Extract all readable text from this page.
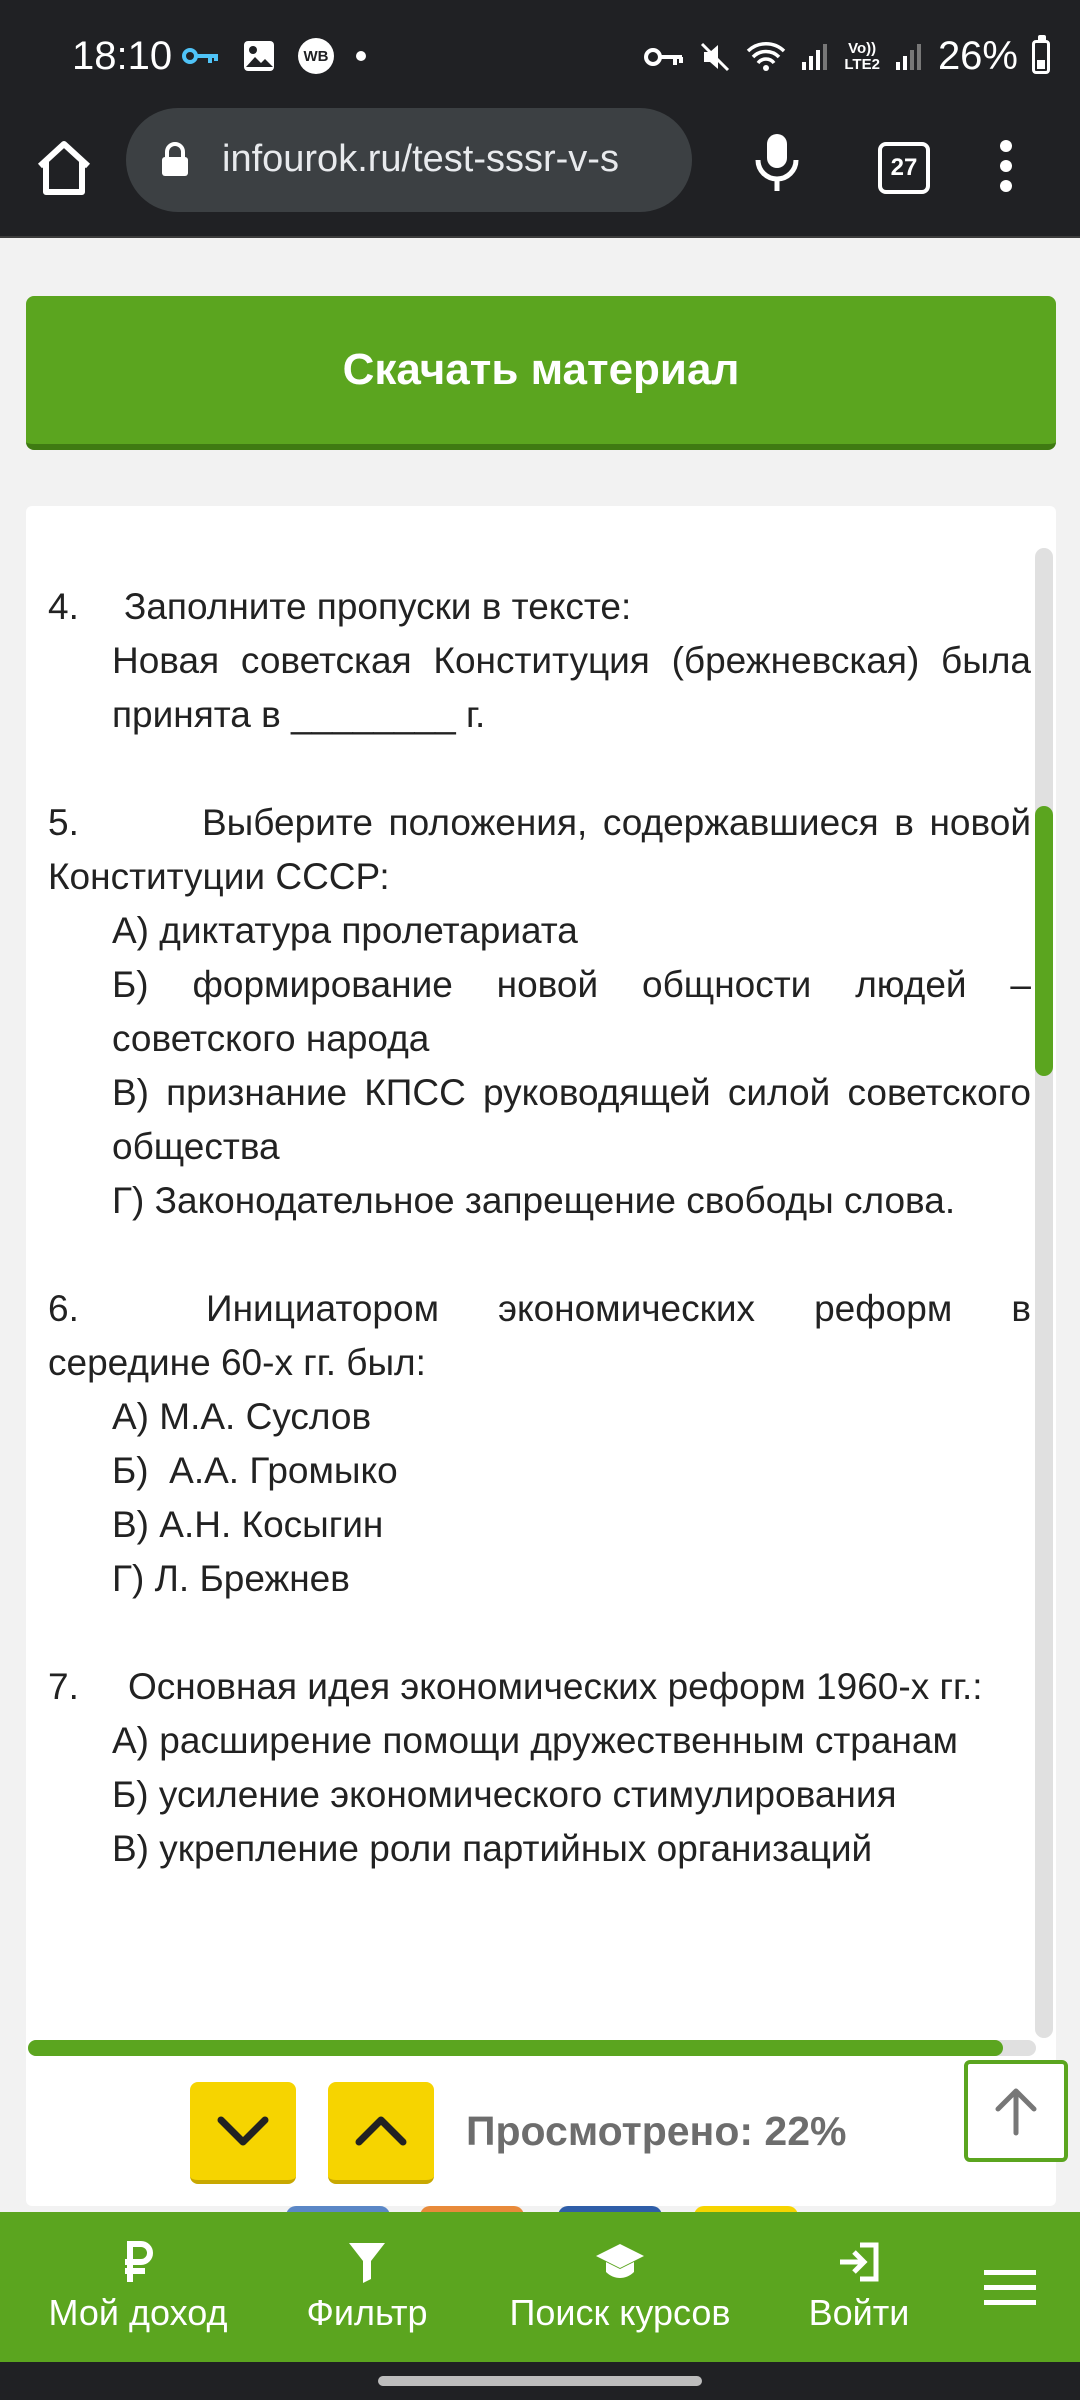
18:10	WB	Vo))
LTE2 26%
infourok.ru/test-sssr-v-s	27
Скачать материал
4. Заполните пропуски в тексте:
Новая советская Конституция (брежневская) была принята в ________ г.
5.	Выберите положения, содержавшиеся в новой Конституции СССР:
А) диктатура пролетариата
Б) формирование новой общности людей – советского народа
В) признание КПСС руководящей силой советского общества
Г) Законодательное запрещение свободы слова.
6.	Инициатором экономических реформ в середине 60-х гг. был:
А) М.А. Суслов
Б)  А.А. Громыко
В) А.Н. Косыгин
Г) Л. Брежнев
7. Основная идея экономических реформ 1960-х гг.:
А) расширение помощи дружественным странам
Б) усиление экономического стимулирования
В) укрепление роли партийных организаций
Просмотрено: 22%
Мой доход Фильтр Поиск курсов Войти
